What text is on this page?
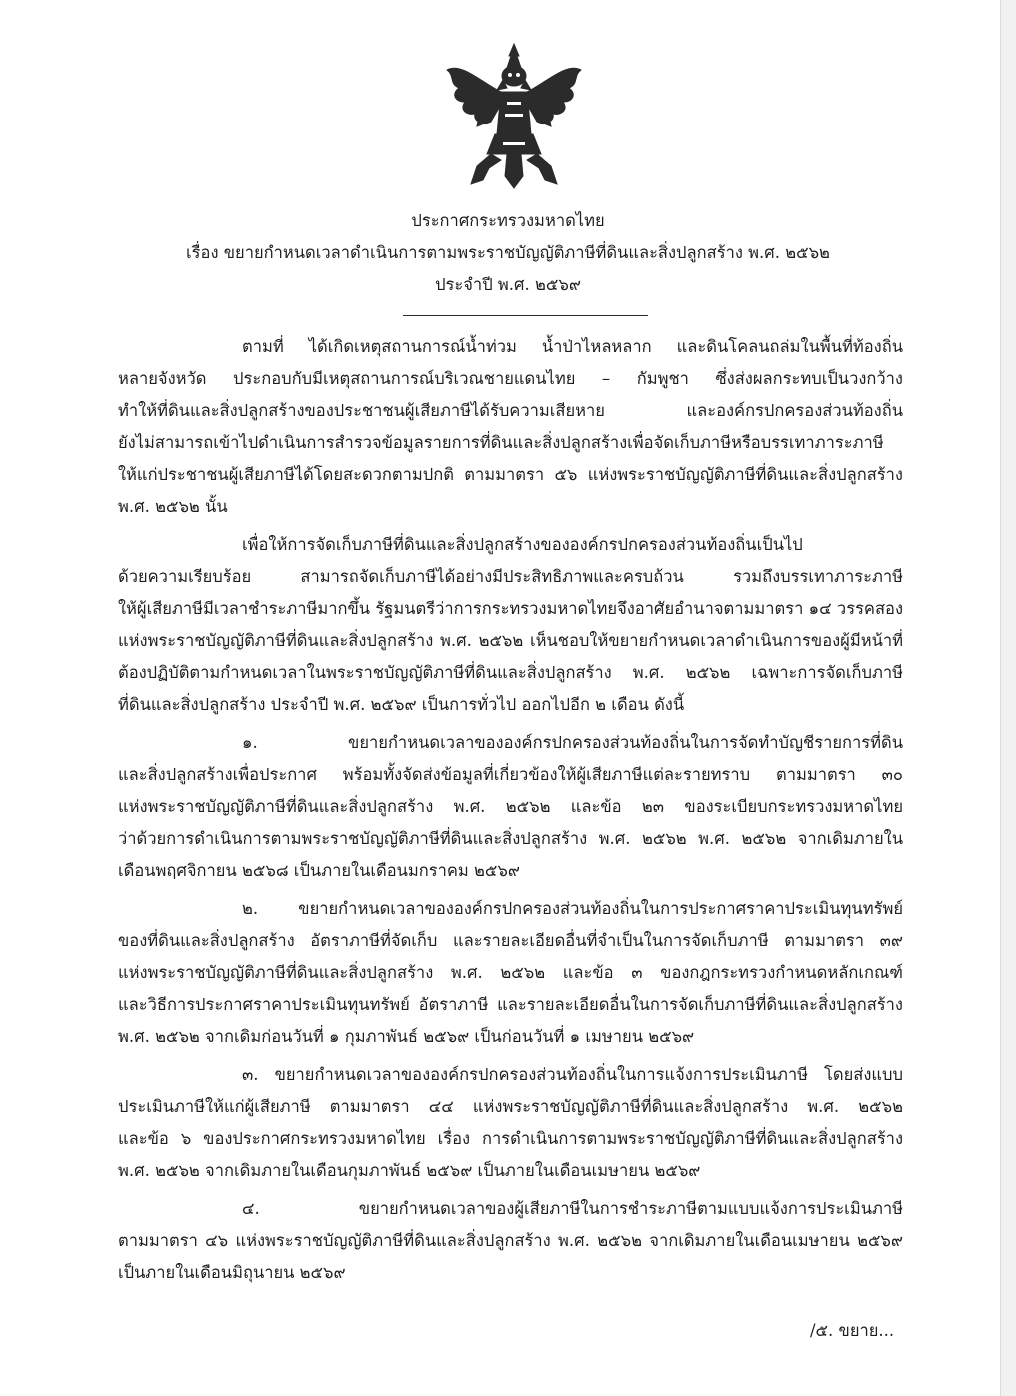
ประกาศกระทรวงมหาดไทย
เรื่อง ขยายกำหนดเวลาดำเนินการตามพระราชบัญญัติภาษีที่ดินและสิ่งปลูกสร้าง พ.ศ. ๒๕๖๒
ประจำปี พ.ศ. ๒๕๖๙
ตามที่ ได้เกิดเหตุสถานการณ์น้ำท่วม น้ำป่าไหลหลาก และดินโคลนถล่มในพื้นที่ท้องถิ่น
หลายจังหวัด ประกอบกับมีเหตุสถานการณ์บริเวณชายแดนไทย – กัมพูชา ซึ่งส่งผลกระทบเป็นวงกว้าง
ทำให้ที่ดินและสิ่งปลูกสร้างของประชาชนผู้เสียภาษีได้รับความเสียหาย และองค์กรปกครองส่วนท้องถิ่น
ยังไม่สามารถเข้าไปดำเนินการสำรวจข้อมูลรายการที่ดินและสิ่งปลูกสร้างเพื่อจัดเก็บภาษีหรือบรรเทาภาระภาษี
ให้แก่ประชาชนผู้เสียภาษีได้โดยสะดวกตามปกติ ตามมาตรา ๕๖ แห่งพระราชบัญญัติภาษีที่ดินและสิ่งปลูกสร้าง
พ.ศ. ๒๕๖๒ นั้น
เพื่อให้การจัดเก็บภาษีที่ดินและสิ่งปลูกสร้างขององค์กรปกครองส่วนท้องถิ่นเป็นไป
ด้วยความเรียบร้อย สามารถจัดเก็บภาษีได้อย่างมีประสิทธิภาพและครบถ้วน รวมถึงบรรเทาภาระภาษี
ให้ผู้เสียภาษีมีเวลาชำระภาษีมากขึ้น รัฐมนตรีว่าการกระทรวงมหาดไทยจึงอาศัยอำนาจตามมาตรา ๑๔ วรรคสอง
แห่งพระราชบัญญัติภาษีที่ดินและสิ่งปลูกสร้าง พ.ศ. ๒๕๖๒ เห็นชอบให้ขยายกำหนดเวลาดำเนินการของผู้มีหน้าที่
ต้องปฏิบัติตามกำหนดเวลาในพระราชบัญญัติภาษีที่ดินและสิ่งปลูกสร้าง พ.ศ. ๒๕๖๒ เฉพาะการจัดเก็บภาษี
ที่ดินและสิ่งปลูกสร้าง ประจำปี พ.ศ. ๒๕๖๙ เป็นการทั่วไป ออกไปอีก ๒ เดือน ดังนี้
๑. ขยายกำหนดเวลาขององค์กรปกครองส่วนท้องถิ่นในการจัดทำบัญชีรายการที่ดิน
และสิ่งปลูกสร้างเพื่อประกาศ พร้อมทั้งจัดส่งข้อมูลที่เกี่ยวข้องให้ผู้เสียภาษีแต่ละรายทราบ ตามมาตรา ๓๐
แห่งพระราชบัญญัติภาษีที่ดินและสิ่งปลูกสร้าง พ.ศ. ๒๕๖๒ และข้อ ๒๓ ของระเบียบกระทรวงมหาดไทย
ว่าด้วยการดำเนินการตามพระราชบัญญัติภาษีที่ดินและสิ่งปลูกสร้าง พ.ศ. ๒๕๖๒ พ.ศ. ๒๕๖๒ จากเดิมภายใน
เดือนพฤศจิกายน ๒๕๖๘ เป็นภายในเดือนมกราคม ๒๕๖๙
๒. ขยายกำหนดเวลาขององค์กรปกครองส่วนท้องถิ่นในการประกาศราคาประเมินทุนทรัพย์
ของที่ดินและสิ่งปลูกสร้าง อัตราภาษีที่จัดเก็บ และรายละเอียดอื่นที่จำเป็นในการจัดเก็บภาษี ตามมาตรา ๓๙
แห่งพระราชบัญญัติภาษีที่ดินและสิ่งปลูกสร้าง พ.ศ. ๒๕๖๒ และข้อ ๓ ของกฎกระทรวงกำหนดหลักเกณฑ์
และวิธีการประกาศราคาประเมินทุนทรัพย์ อัตราภาษี และรายละเอียดอื่นในการจัดเก็บภาษีที่ดินและสิ่งปลูกสร้าง
พ.ศ. ๒๕๖๒ จากเดิมก่อนวันที่ ๑ กุมภาพันธ์ ๒๕๖๙ เป็นก่อนวันที่ ๑ เมษายน ๒๕๖๙
๓. ขยายกำหนดเวลาขององค์กรปกครองส่วนท้องถิ่นในการแจ้งการประเมินภาษี โดยส่งแบบ
ประเมินภาษีให้แก่ผู้เสียภาษี ตามมาตรา ๔๔ แห่งพระราชบัญญัติภาษีที่ดินและสิ่งปลูกสร้าง พ.ศ. ๒๕๖๒
และข้อ ๖ ของประกาศกระทรวงมหาดไทย เรื่อง การดำเนินการตามพระราชบัญญัติภาษีที่ดินและสิ่งปลูกสร้าง
พ.ศ. ๒๕๖๒ จากเดิมภายในเดือนกุมภาพันธ์ ๒๕๖๙ เป็นภายในเดือนเมษายน ๒๕๖๙
๔. ขยายกำหนดเวลาของผู้เสียภาษีในการชำระภาษีตามแบบแจ้งการประเมินภาษี
ตามมาตรา ๔๖ แห่งพระราชบัญญัติภาษีที่ดินและสิ่งปลูกสร้าง พ.ศ. ๒๕๖๒ จากเดิมภายในเดือนเมษายน ๒๕๖๙
เป็นภายในเดือนมิถุนายน ๒๕๖๙
/๕. ขยาย...
